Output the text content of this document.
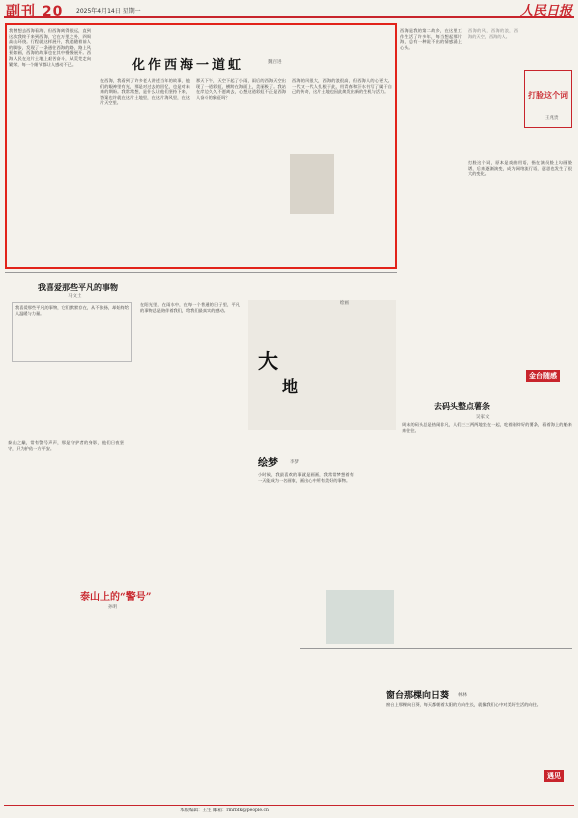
副刊 20 2025年4月14日 星期一	人民日报
化作西海一道虹	魏百进
我曾想去西海看海，但西海离得很远，直到这次我终于来到西海，它在万里之外，四周高山环绕。行程就这样展开，我追随着前人的脚步，发现了一条通往西海的路，路上风景如画，西海的故事也在其中慢慢展开。西海人民在这片土地上艰苦奋斗，从荒芜走向繁荣，每一个细节都让人感动不已。
在西海，我看到了许多老人讲述当年的故事，他们的眼神里有光，那是对过去的回忆，也是对未来的期盼。我常常想，是什么让他们坚持下来，答案也许就在这片土地里，在这片海风里，在这片天空里。
那天下午，天空下起了小雨，雨后的西海天空出现了一道彩虹，横跨在海面上，美丽极了。我站在岸边久久不愿离去，心想这道彩虹不正是西海人奋斗的象征吗？
西海的风很大，西海的浪很高，但西海人的心更大。一代又一代人扎根于此，用青春和汗水书写了属于自己的传奇，这片土地也因此焕发出新的生机与活力。
西海是我的第二故乡，在这里工作生活了许多年，每当想起那片海，总有一种说不出的情感涌上心头。
西海的风，西海的浪，西海的天空，西海的人。
打脸这个词
王兆贵
打脸这个词，原本是戏曲用语，指在演员脸上勾画脸谱，后来逐渐演变，成为网络流行语，意思也发生了很大的变化。
金台随感
我喜爱那些平凡的事物
马文土
我喜爱那些平凡的事物，它们默默存在，从不张扬，却始终给人温暖与力量。
在阳光里，在雨水中，在每一个普通的日子里，平凡的事物总是陪伴着我们，给我们最真实的感动。
大
地
绘画
泰山上的“警号”
孙明
泰山之巅，常有警号声声，那是守护者的身影，他们日夜坚守，只为护佑一方平安。
绘梦	李梦
小时候，我最喜欢的事就是画画，我常常梦想着有一天能成为一名画家，画出心中所有美好的事物。
去码头整点薯条
吴家文
周末的码头总是热闹非凡，人们三三两两地坐在一起，吃着刚炸好的薯条，看着海上的船来来往往。
窗台那棵向日葵 林林
窗台上那棵向日葵，每天都朝着太阳的方向生长，就像我们心中对美好生活的向往。
遇见
本版编辑：王生 邮箱：rmrbfk@people.cn
